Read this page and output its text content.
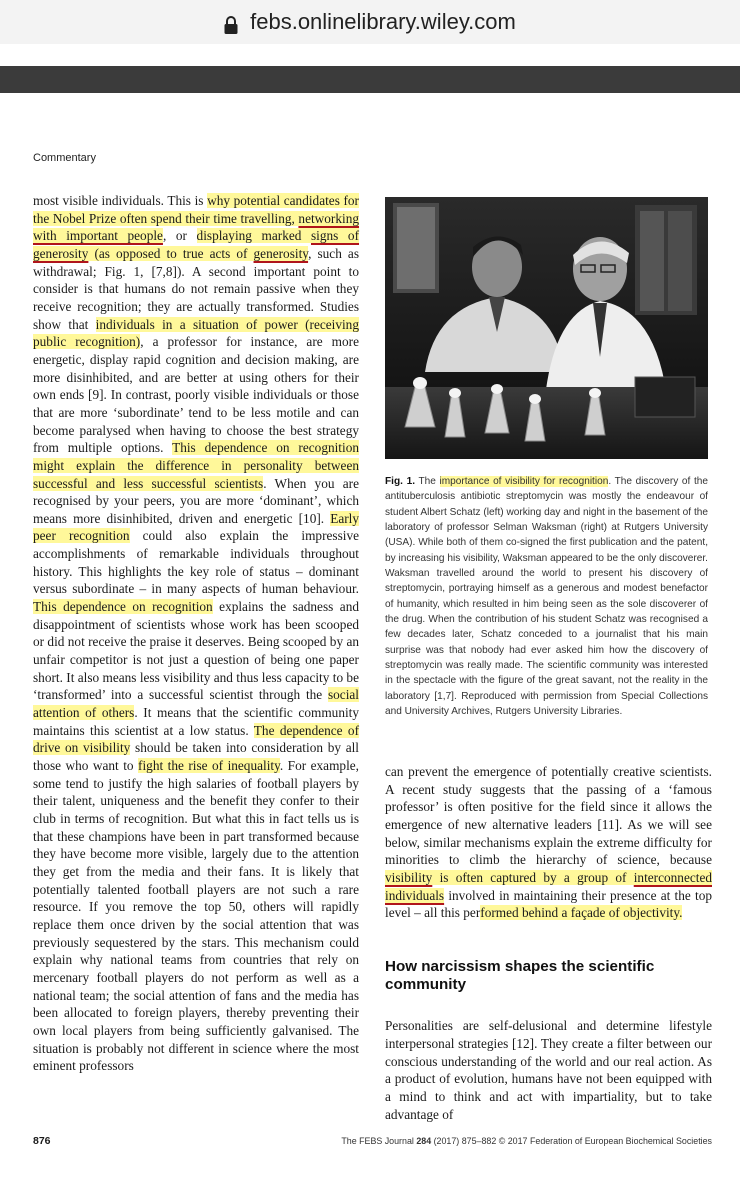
febs.onlinelibrary.wiley.com
Commentary

most visible individuals. This is why potential candidates for the Nobel Prize often spend their time travelling, networking with important people, or displaying marked signs of generosity (as opposed to true acts of generosity, such as withdrawal; Fig. 1, [7,8]). A second important point to consider is that humans do not remain passive when they receive recognition; they are actually transformed. Studies show that individuals in a situation of power (receiving public recognition), a professor for instance, are more energetic, display rapid cognition and decision making, are more disinhibited, and are better at using others for their own ends [9]. In contrast, poorly visible individuals or those that are more ‘subordinate’ tend to be less motile and can become paralysed when having to choose the best strategy from multiple options. This dependence on recognition might explain the difference in personality between successful and less successful scientists. When you are recognised by your peers, you are more ‘dominant’, which means more disinhibited, driven and energetic [10]. Early peer recognition could also explain the impressive accomplishments of remarkable individuals throughout history. This highlights the key role of status – dominant versus subordinate – in many aspects of human behaviour. This dependence on recognition explains the sadness and disappointment of scientists whose work has been scooped or did not receive the praise it deserves. Being scooped by an unfair competitor is not just a question of being one paper short. It also means less visibility and thus less capacity to be ‘transformed’ into a successful scientist through the social attention of others. It means that the scientific community maintains this scientist at a low status. The dependence of drive on visibility should be taken into consideration by all those who want to fight the rise of inequality. For example, some tend to justify the high salaries of football players by their talent, uniqueness and the benefit they confer to their club in terms of recognition. But what this in fact tells us is that these champions have been in part transformed because they have become more visible, largely due to the attention they get from the media and their fans. It is likely that potentially talented football players are not such a rare resource. If you remove the top 50, others will rapidly replace them once driven by the social attention that was previously sequestered by the stars. This mechanism could explain why national teams from countries that rely on mercenary football players do not perform as well as a national team; the social attention of fans and the media has been allocated to foreign players, thereby preventing their own local players from being sufficiently galvanised. The situation is probably not different in science where the most eminent professors

Fig. 1. The importance of visibility for recognition. The discovery of the antituberculosis antibiotic streptomycin was mostly the endeavour of student Albert Schatz (left) working day and night in the basement of the laboratory of professor Selman Waksman (right) at Rutgers University (USA). While both of them co-signed the first publication and the patent, by increasing his visibility, Waksman appeared to be the only discoverer. Waksman travelled around the world to present his discovery of streptomycin, portraying himself as a generous and modest benefactor of humanity, which resulted in him being seen as the sole discoverer of the drug. When the contribution of his student Schatz was recognised a few decades later, Schatz conceded to a journalist that his main surprise was that nobody had ever asked him how the discovery of streptomycin was really made. The scientific community was interested in the spectacle with the figure of the great savant, not the reality in the laboratory [1,7]. Reproduced with permission from Special Collections and University Archives, Rutgers University Libraries.

can prevent the emergence of potentially creative scientists. A recent study suggests that the passing of a ‘famous professor’ is often positive for the field since it allows the emergence of new alternative leaders [11]. As we will see below, similar mechanisms explain the extreme difficulty for minorities to climb the hierarchy of science, because visibility is often captured by a group of interconnected individuals involved in maintaining their presence at the top level – all this performed behind a façade of objectivity.

How narcissism shapes the scientific community

Personalities are self-delusional and determine lifestyle interpersonal strategies [12]. They create a filter between our conscious understanding of the world and our real action. As a product of evolution, humans have not been equipped with a mind to think and act with impartiality, but to take advantage of

876	The FEBS Journal 284 (2017) 875–882 © 2017 Federation of European Biochemical Societies
